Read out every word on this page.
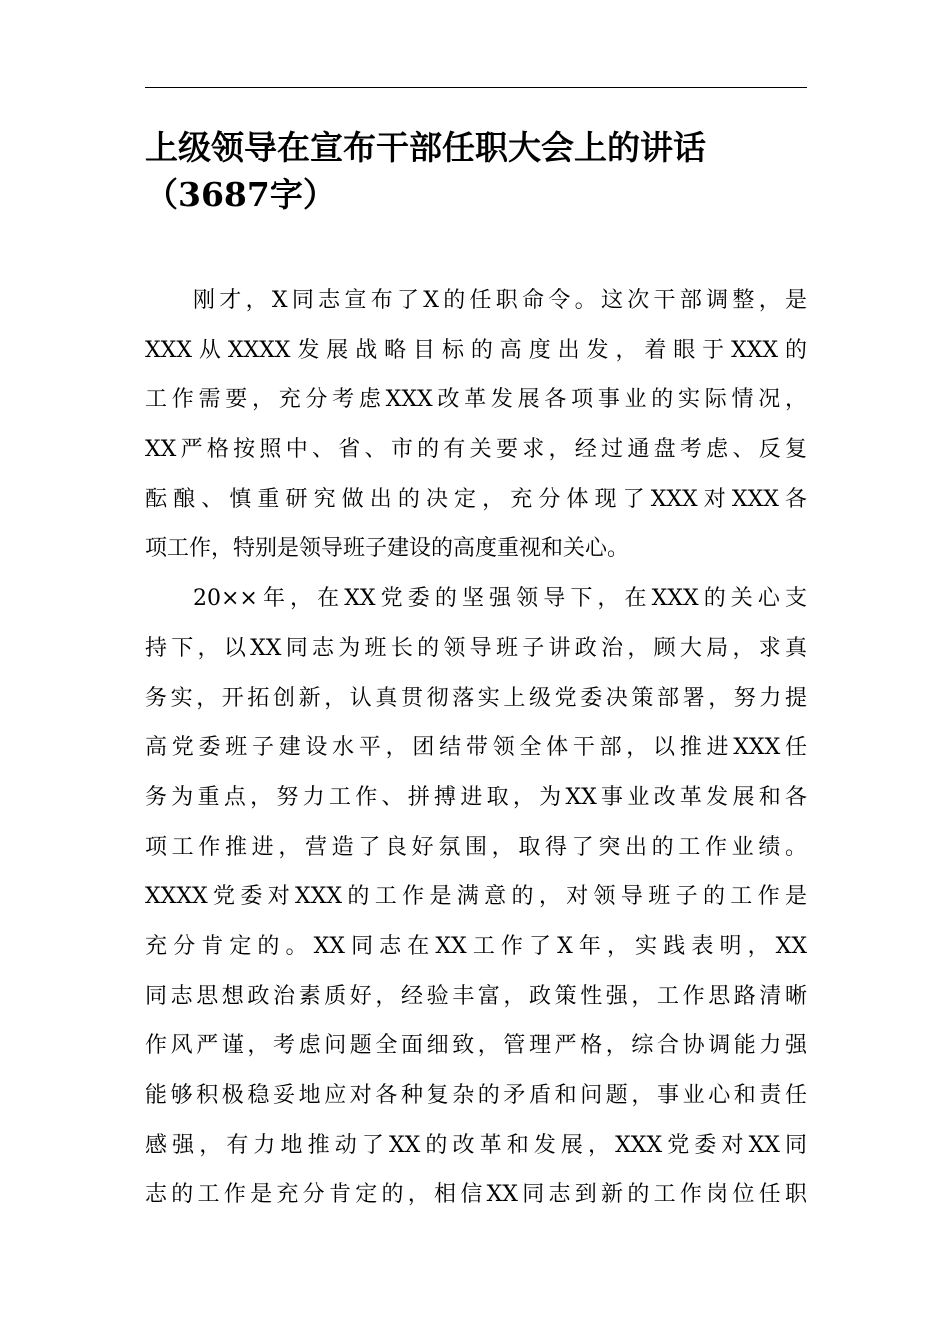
上级领导在宣布干部任职大会上的讲话
（3687字）
刚才，X同志宣布了X的任职命令。这次干部调整，是
XXX从XXXX发展战略目标的高度出发，着眼于XXX的
工作需要，充分考虑XXX改革发展各项事业的实际情况，
XX严格按照中、省、市的有关要求，经过通盘考虑、反复
酝酿、慎重研究做出的决定，充分体现了XXX对XXX各
项工作，特别是领导班子建设的高度重视和关心。
20××年，在XX党委的坚强领导下，在XXX的关心支
持下，以XX同志为班长的领导班子讲政治，顾大局，求真
务实，开拓创新，认真贯彻落实上级党委决策部署，努力提
高党委班子建设水平，团结带领全体干部，以推进XXX任
务为重点，努力工作、拼搏进取，为XX事业改革发展和各
项工作推进，营造了良好氛围，取得了突出的工作业绩。
XXXX党委对XXX的工作是满意的，对领导班子的工作是
充分肯定的。XX同志在XX工作了X年，实践表明，XX
同志思想政治素质好，经验丰富，政策性强，工作思路清晰
作风严谨，考虑问题全面细致，管理严格，综合协调能力强
能够积极稳妥地应对各种复杂的矛盾和问题，事业心和责任
感强，有力地推动了XX的改革和发展，XXX党委对XX同
志的工作是充分肯定的，相信XX同志到新的工作岗位任职
